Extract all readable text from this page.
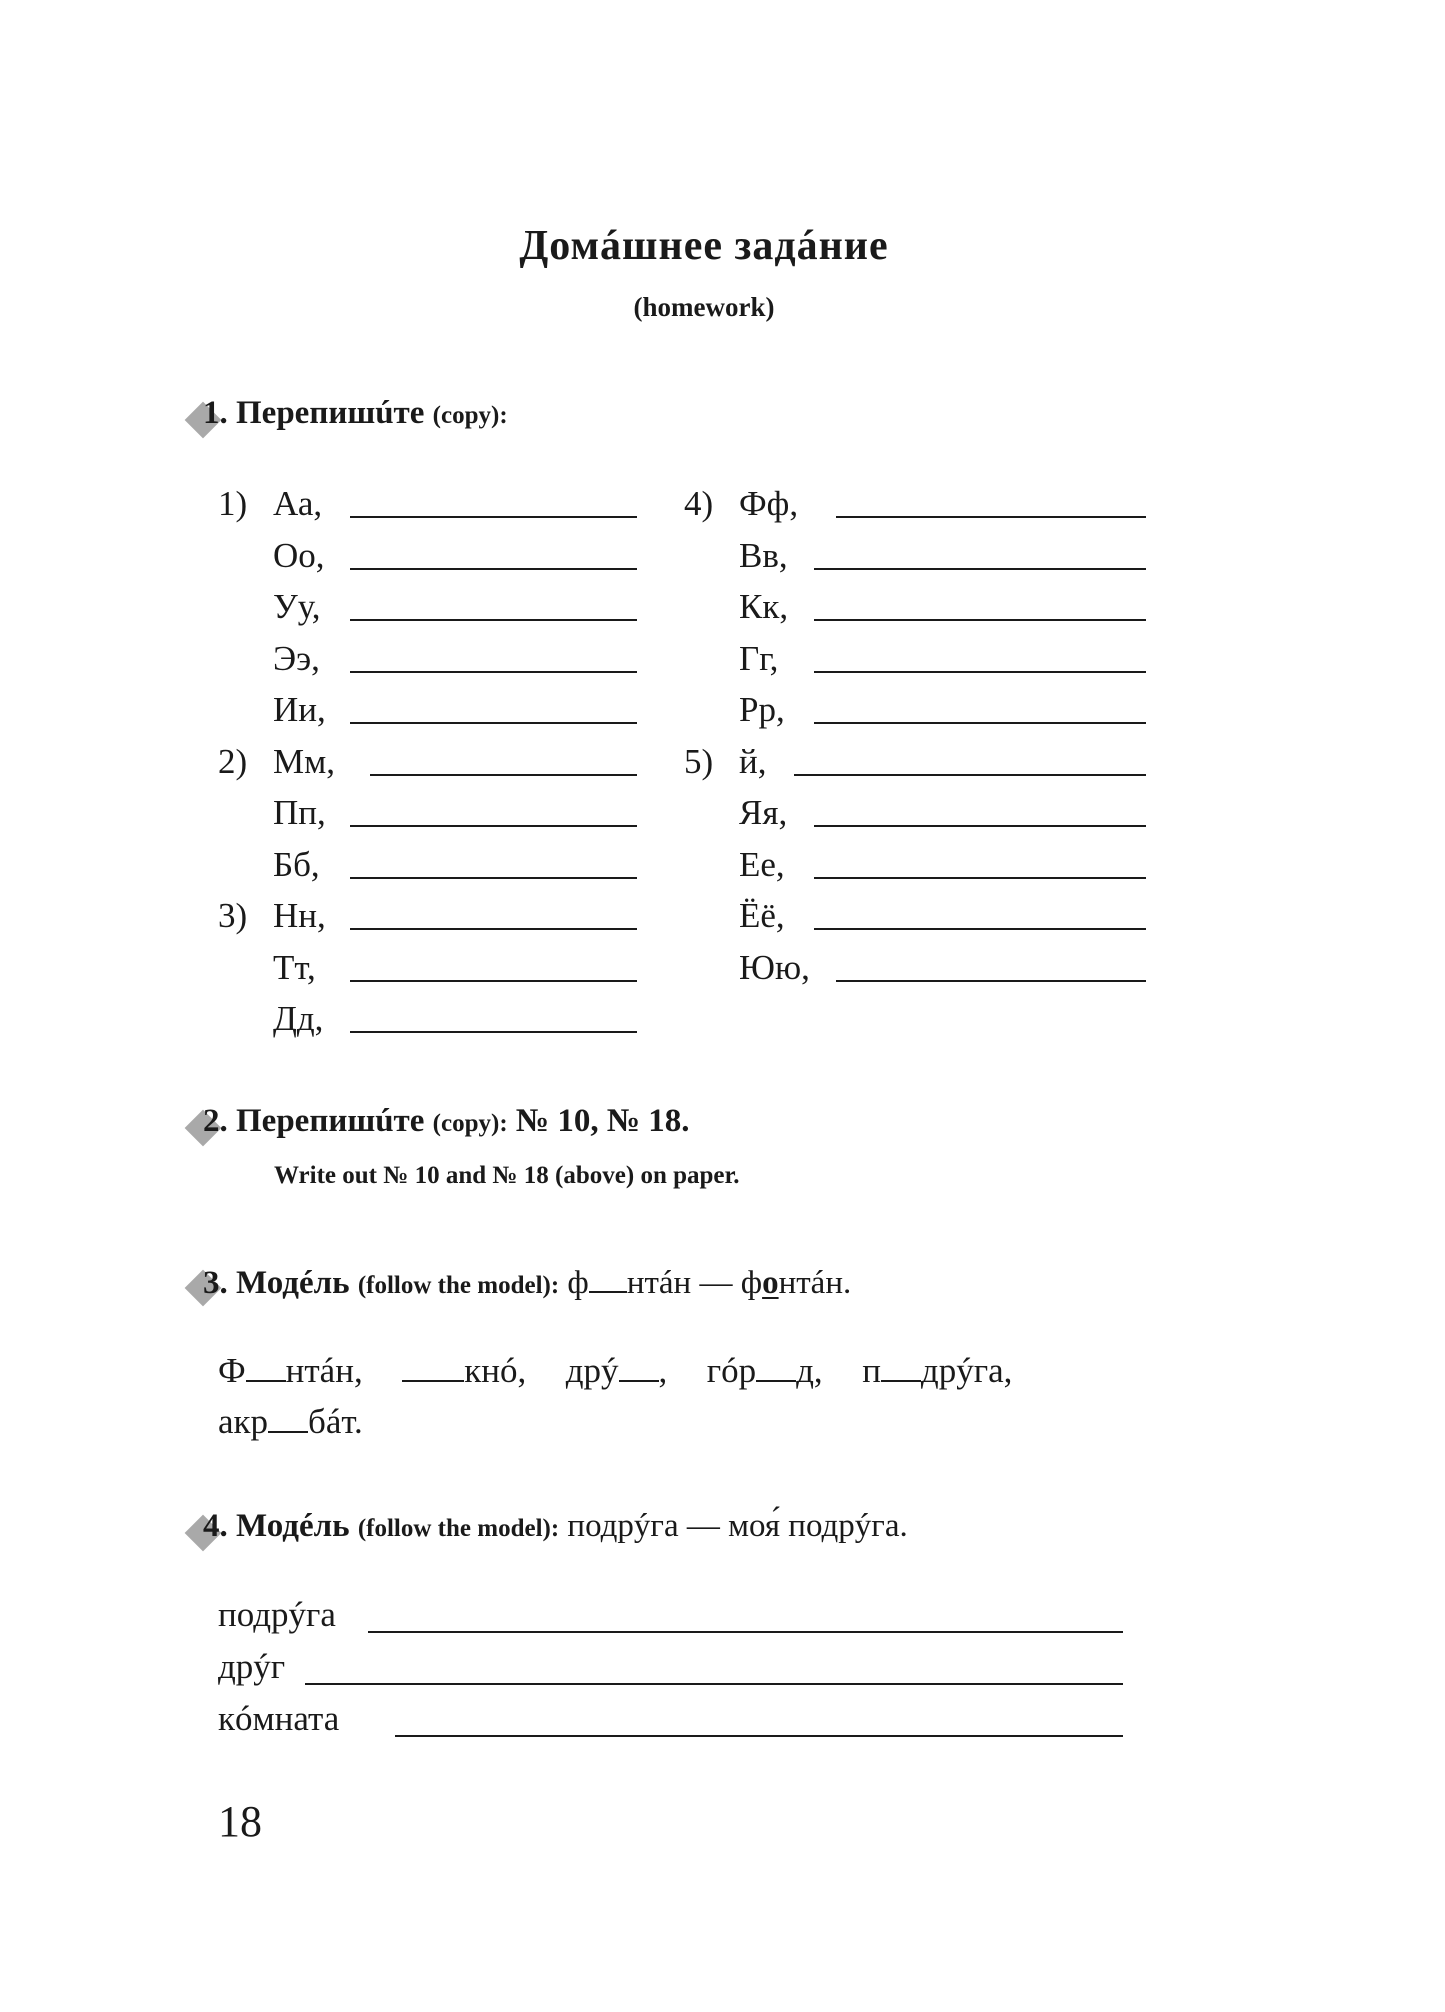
Домáшнее задáние
(homework)
1. Перепишúте (copy):
1) Аа,
Оо,
Уу,
Ээ,
Ии,
2) Мм,
Пп,
Бб,
3) Нн,
Тт,
Дд,
4) Фф,
Вв,
Кк,
Гг,
Рр,
5) й,
Яя,
Ее,
Ёё,
Юю,
2. Перепишúте (copy): № 10, № 18.
Write out № 10 and № 18 (above) on paper.
3. Модéль (follow the model): ф нтáн — фонтáн.
Ф нтáн,	кнó, дрý , гóр д, п дрýга,
акр бáт.
4. Модéль (follow the model): подрýга — моя́ подрýга.
подрýга
дрýг
кóмната
18
